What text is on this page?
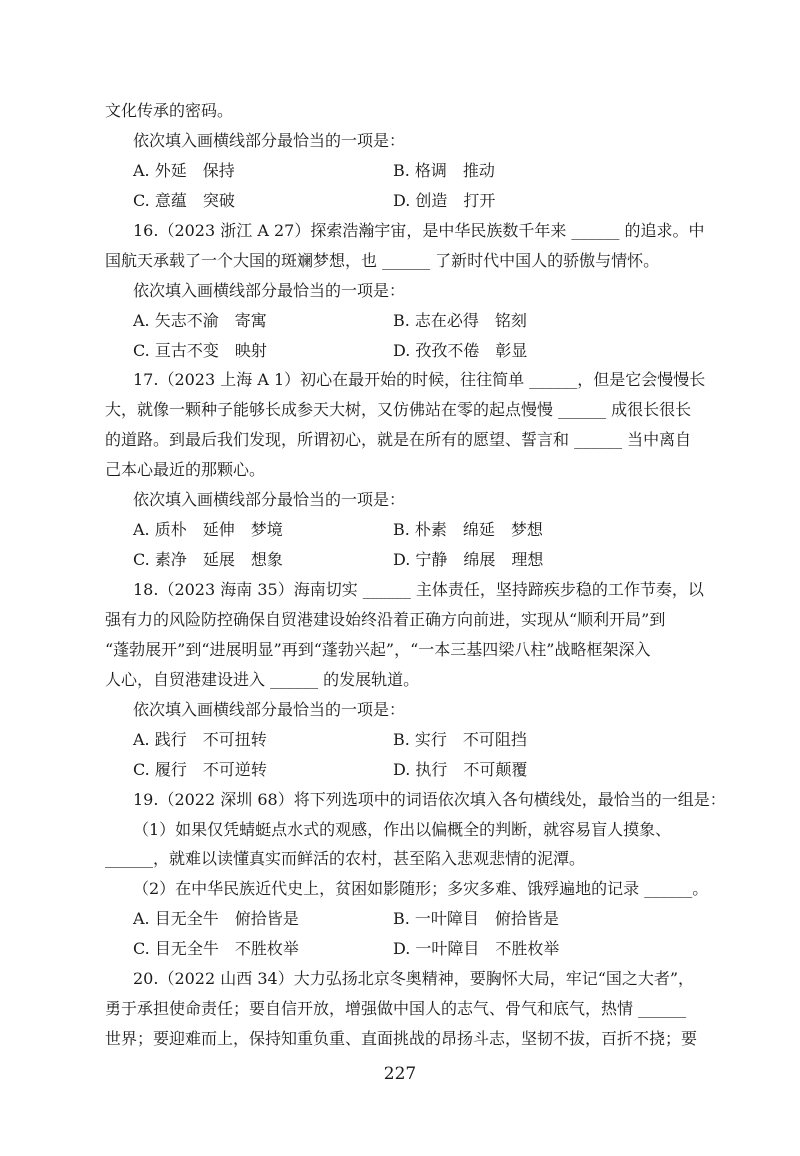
文化传承的密码。
依次填入画横线部分最恰当的一项是：
A. 外延　保持	B. 格调　推动
C. 意蕴　突破	D. 创造　打开
16.（2023 浙江 A 27）探索浩瀚宇宙，是中华民族数千年来 ______ 的追求。中
国航天承载了一个大国的斑斓梦想，也 ______ 了新时代中国人的骄傲与情怀。
依次填入画横线部分最恰当的一项是：
A. 矢志不渝　寄寓	B. 志在必得　铭刻
C. 亘古不变　映射	D. 孜孜不倦　彰显
17.（2023 上海 A 1）初心在最开始的时候，往往简单 ______，但是它会慢慢长
大，就像一颗种子能够长成参天大树，又仿佛站在零的起点慢慢 ______ 成很长很长
的道路。到最后我们发现，所谓初心，就是在所有的愿望、誓言和 ______ 当中离自
己本心最近的那颗心。
依次填入画横线部分最恰当的一项是：
A. 质朴　延伸　梦境	B. 朴素　绵延　梦想
C. 素净　延展　想象	D. 宁静　绵展　理想
18.（2023 海南 35）海南切实 ______ 主体责任，坚持蹄疾步稳的工作节奏，以
强有力的风险防控确保自贸港建设始终沿着正确方向前进，实现从“顺利开局”到
“蓬勃展开”到“进展明显”再到“蓬勃兴起”，“一本三基四梁八柱”战略框架深入
人心，自贸港建设进入 ______ 的发展轨道。
依次填入画横线部分最恰当的一项是：
A. 践行　不可扭转	B. 实行　不可阻挡
C. 履行　不可逆转	D. 执行　不可颠覆
19.（2022 深圳 68）将下列选项中的词语依次填入各句横线处，最恰当的一组是：
（1）如果仅凭蜻蜓点水式的观感，作出以偏概全的判断，就容易盲人摸象、
______，就难以读懂真实而鲜活的农村，甚至陷入悲观悲情的泥潭。
（2）在中华民族近代史上，贫困如影随形；多灾多难、饿殍遍地的记录 ______。
A. 目无全牛　俯拾皆是	B. 一叶障目　俯拾皆是
C. 目无全牛　不胜枚举	D. 一叶障目　不胜枚举
20.（2022 山西 34）大力弘扬北京冬奥精神，要胸怀大局，牢记“国之大者”，
勇于承担使命责任；要自信开放，增强做中国人的志气、骨气和底气，热情 ______
世界；要迎难而上，保持知重负重、直面挑战的昂扬斗志，坚韧不拔，百折不挠；要
227
